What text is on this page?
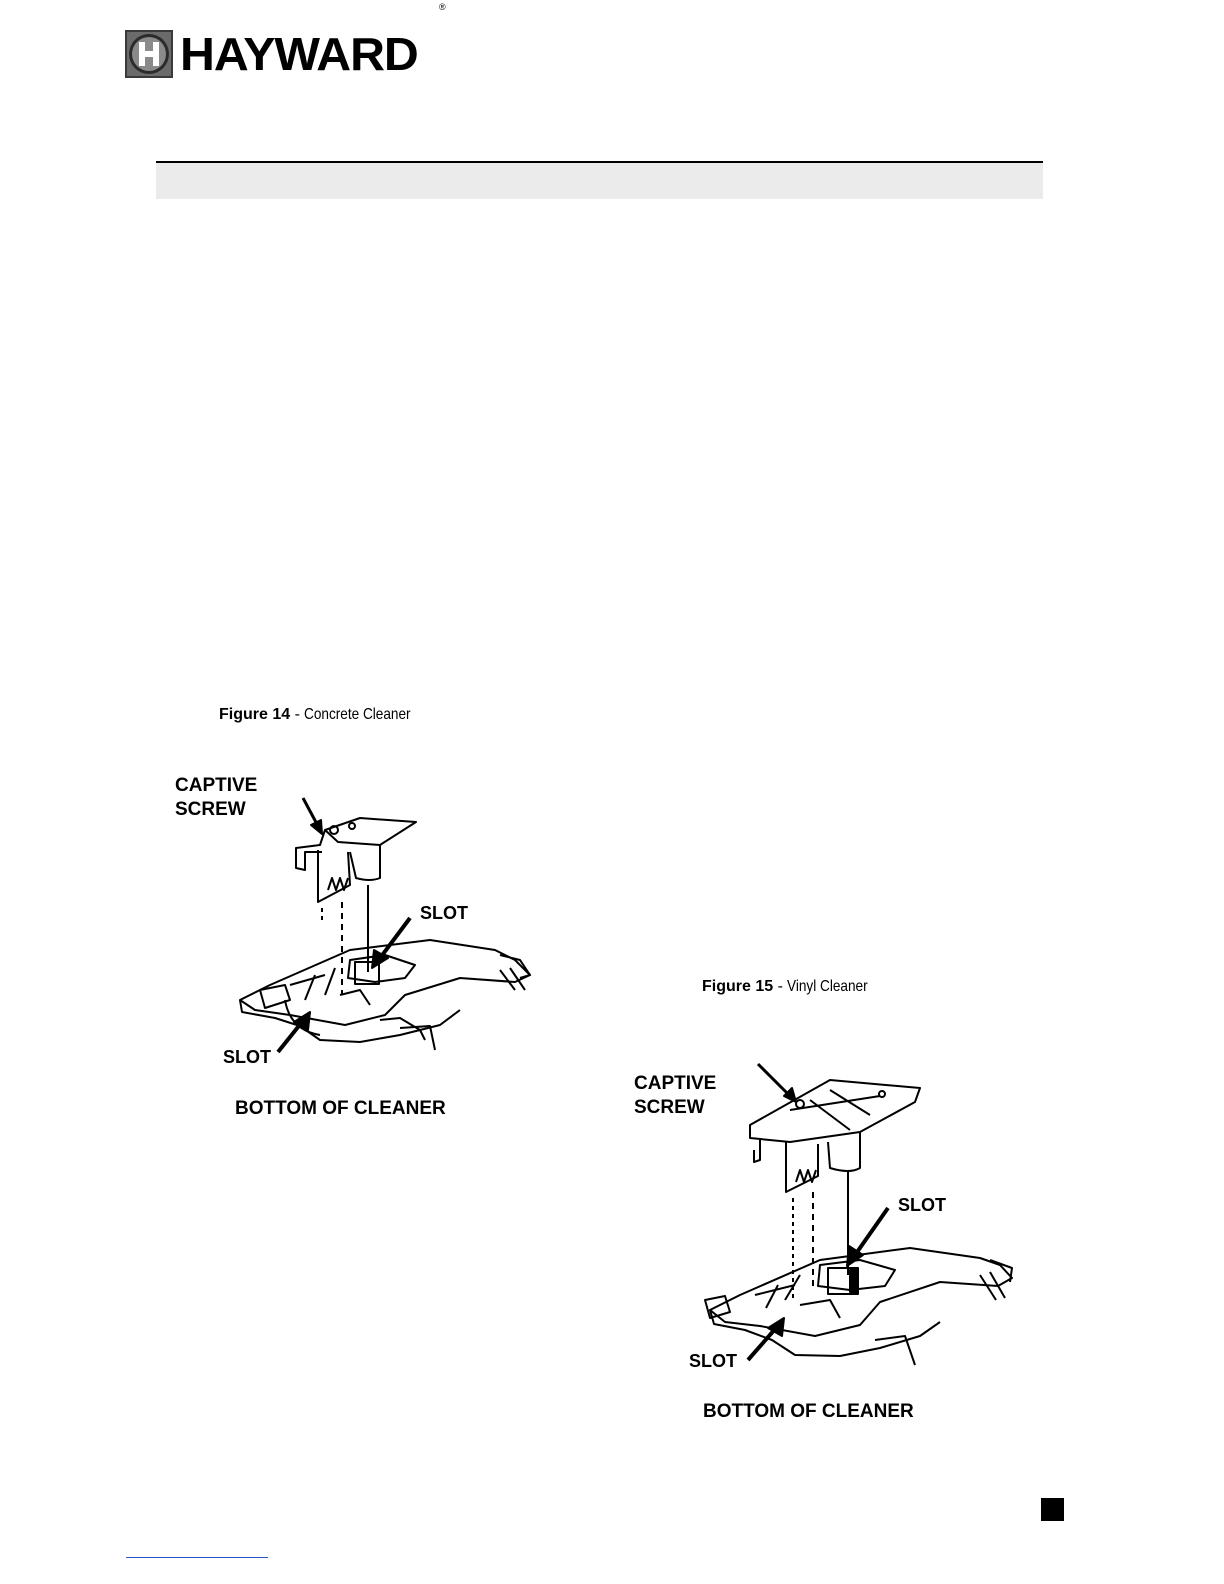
HAYWARD
®
Figure 14 - Concrete Cleaner
CAPTIVE
SCREW
SLOT
SLOT
BOTTOM OF CLEANER
Figure 15 - Vinyl Cleaner
CAPTIVE
SCREW
SLOT
SLOT
BOTTOM OF CLEANER
